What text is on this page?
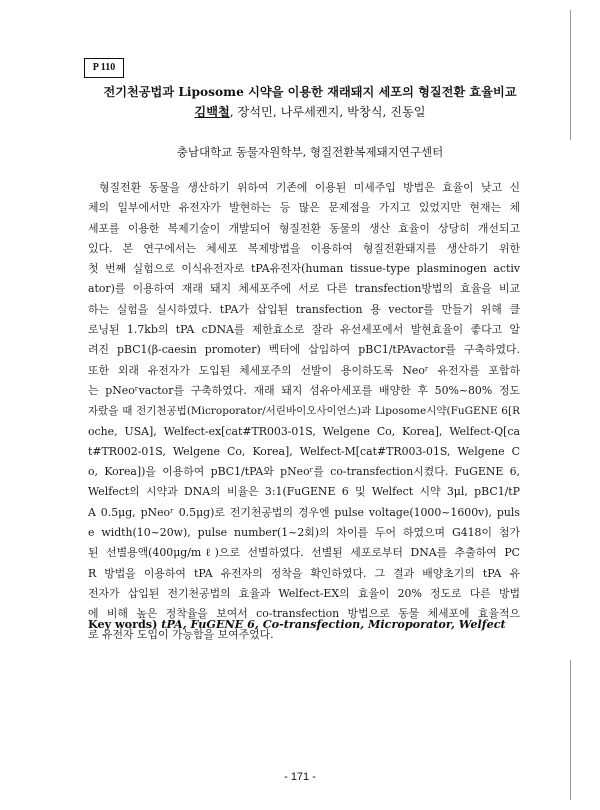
P 110
전기천공법과 Liposome 시약을 이용한 재래돼지 세포의 형질전환 효율비교
김백철, 장석민, 나루세켄지, 박창식, 진동일
충남대학교 동물자원학부, 형질전환복제돼지연구센터
형질전환 동물을 생산하기 위하여 기존에 이용된 미세주입 방법은 효율이 낮고 신
체의 일부에서만 유전자가 발현하는 등 많은 문제점을 가지고 있었지만 현재는 체
세포를 이용한 복제기술이 개발되어 형질전환 동물의 생산 효율이 상당히 개선되고
있다. 본 연구에서는 체세포 복제방법을 이용하여 형질전환돼지를 생산하기 위한
첫 번째 실험으로 이식유전자로 tPA유전자(human tissue-type plasminogen activ
ator)를 이용하여 재래 돼지 체세포주에 서로 다른 transfection방법의 효율을 비교
하는 실험을 실시하였다. tPA가 삽입된 transfection 용 vector를 만들기 위해 클
로닝된 1.7kb의 tPA cDNA를 제한효소로 잘라 유선세포에서 발현효율이 좋다고 알
려진 pBC1(β-caesin promoter) 벡터에 삽입하여 pBC1/tPAvactor를 구축하였다.
또한 외래 유전자가 도입된 체세포주의 선발이 용이하도록 Neoʳ 유전자를 포함하
는 pNeoʳvactor를 구축하였다. 재래 돼지 섬유아세포를 배양한 후 50%~80% 정도
자랐을 때 전기천공법(Microporator/서린바이오사이언스)과 Liposome시약(FuGENE 6[R
oche, USA], Welfect-ex[cat#TR003-01S, Welgene Co, Korea], Welfect-Q[ca
t#TR002-01S, Welgene Co, Korea], Welfect-M[cat#TR003-01S, Welgene C
o, Korea])을 이용하여 pBC1/tPA와 pNeoʳ를 co-transfection시켰다. FuGENE 6,
Welfect의 시약과 DNA의 비율은 3:1(FuGENE 6 및 Welfect 시약 3μl, pBC1/tP
A 0.5μg, pNeoʳ 0.5μg)로 전기천공법의 경우엔 pulse voltage(1000~1600v), puls
e width(10~20w), pulse number(1~2회)의 차이를 두어 하였으며 G418이 첨가
된 선별용액(400μg/mℓ)으로 선별하였다. 선별된 세포로부터 DNA를 추출하여 PC
R 방법을 이용하여 tPA 유전자의 정착을 확인하였다. 그 결과 배양초기의 tPA 유
전자가 삽입된 전기천공법의 효율과 Welfect-EX의 효율이 20% 정도로 다른 방법
에 비해 높은 정착율을 보여서 co-transfection 방법으로 동물 체세포에 효율적으
로 유전자 도입이 가능함을 보여주었다.
Key words) tPA, FuGENE 6, Co-transfection, Microporator, Welfect
- 171 -
